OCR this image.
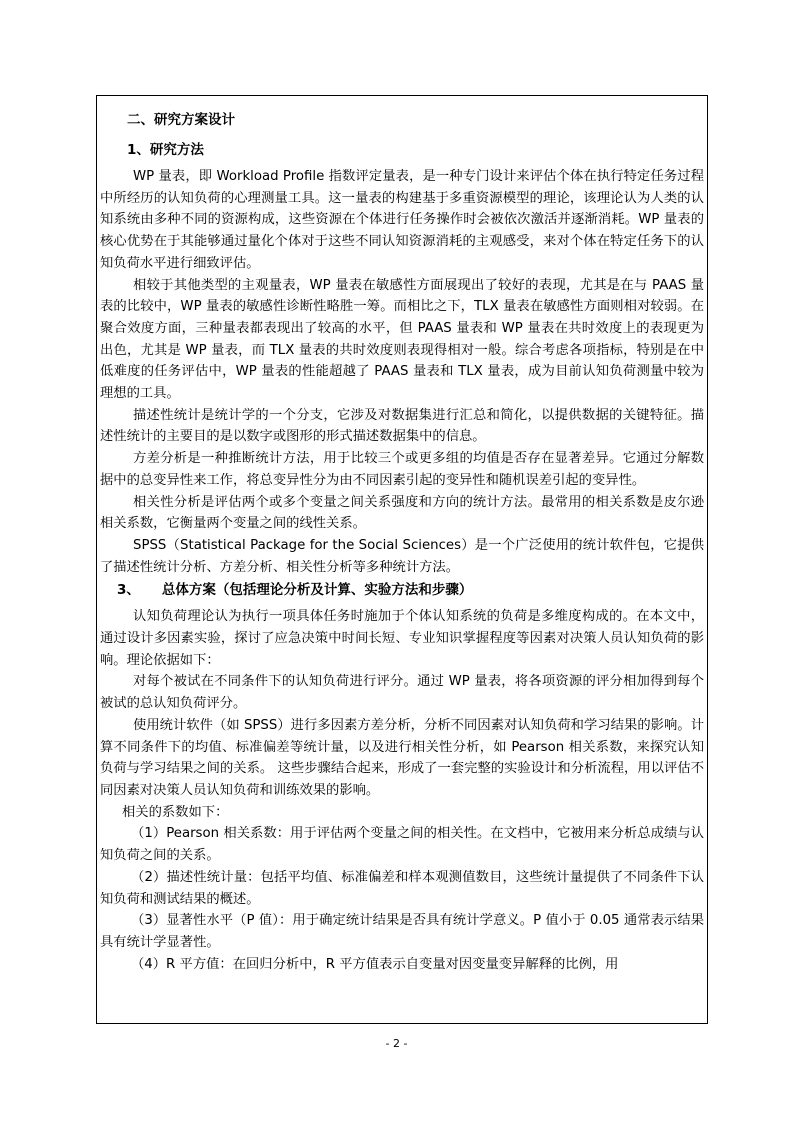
二、研究方案设计
1、研究方法

WP 量表，即 Workload Profile 指数评定量表，是一种专门设计来评估个体在执行特定任务过程中所经历的认知负荷的心理测量工具。这一量表的构建基于多重资源模型的理论，该理论认为人类的认知系统由多种不同的资源构成，这些资源在个体进行任务操作时会被依次激活并逐渐消耗。WP 量表的核心优势在于其能够通过量化个体对于这些不同认知资源消耗的主观感受，来对个体在特定任务下的认知负荷水平进行细致评估。

相较于其他类型的主观量表，WP 量表在敏感性方面展现出了较好的表现，尤其是在与 PAAS 量表的比较中，WP 量表的敏感性诊断性略胜一筹。而相比之下，TLX 量表在敏感性方面则相对较弱。在聚合效度方面，三种量表都表现出了较高的水平，但 PAAS 量表和 WP 量表在共时效度上的表现更为出色，尤其是 WP 量表，而 TLX 量表的共时效度则表现得相对一般。综合考虑各项指标，特别是在中低难度的任务评估中，WP 量表的性能超越了 PAAS 量表和 TLX 量表，成为目前认知负荷测量中较为理想的工具。

描述性统计是统计学的一个分支，它涉及对数据集进行汇总和简化，以提供数据的关键特征。描述性统计的主要目的是以数字或图形的形式描述数据集中的信息。

方差分析是一种推断统计方法，用于比较三个或更多组的均值是否存在显著差异。它通过分解数据中的总变异性来工作，将总变异性分为由不同因素引起的变异性和随机误差引起的变异性。

相关性分析是评估两个或多个变量之间关系强度和方向的统计方法。最常用的相关系数是皮尔逊相关系数，它衡量两个变量之间的线性关系。

SPSS（Statistical Package for the Social Sciences）是一个广泛使用的统计软件包，它提供了描述性统计分析、方差分析、相关性分析等多种统计方法。

3、 总体方案（包括理论分析及计算、实验方法和步骤）

认知负荷理论认为执行一项具体任务时施加于个体认知系统的负荷是多维度构成的。在本文中，通过设计多因素实验，探讨了应急决策中时间长短、专业知识掌握程度等因素对决策人员认知负荷的影响。理论依据如下：

对每个被试在不同条件下的认知负荷进行评分。通过 WP 量表，将各项资源的评分相加得到每个被试的总认知负荷评分。

使用统计软件（如 SPSS）进行多因素方差分析，分析不同因素对认知负荷和学习结果的影响。计算不同条件下的均值、标准偏差等统计量，以及进行相关性分析，如 Pearson 相关系数，来探究认知负荷与学习结果之间的关系。 这些步骤结合起来，形成了一套完整的实验设计和分析流程，用以评估不同因素对决策人员认知负荷和训练效果的影响。

相关的系数如下：

（1）Pearson 相关系数：用于评估两个变量之间的相关性。在文档中，它被用来分析总成绩与认知负荷之间的关系。

（2）描述性统计量：包括平均值、标准偏差和样本观测值数目，这些统计量提供了不同条件下认知负荷和测试结果的概述。

（3）显著性水平（P 值）：用于确定统计结果是否具有统计学意义。P 值小于 0.05 通常表示结果具有统计学显著性。

（4）R 平方值：在回归分析中，R 平方值表示自变量对因变量变异解释的比例，用

- 2 -
